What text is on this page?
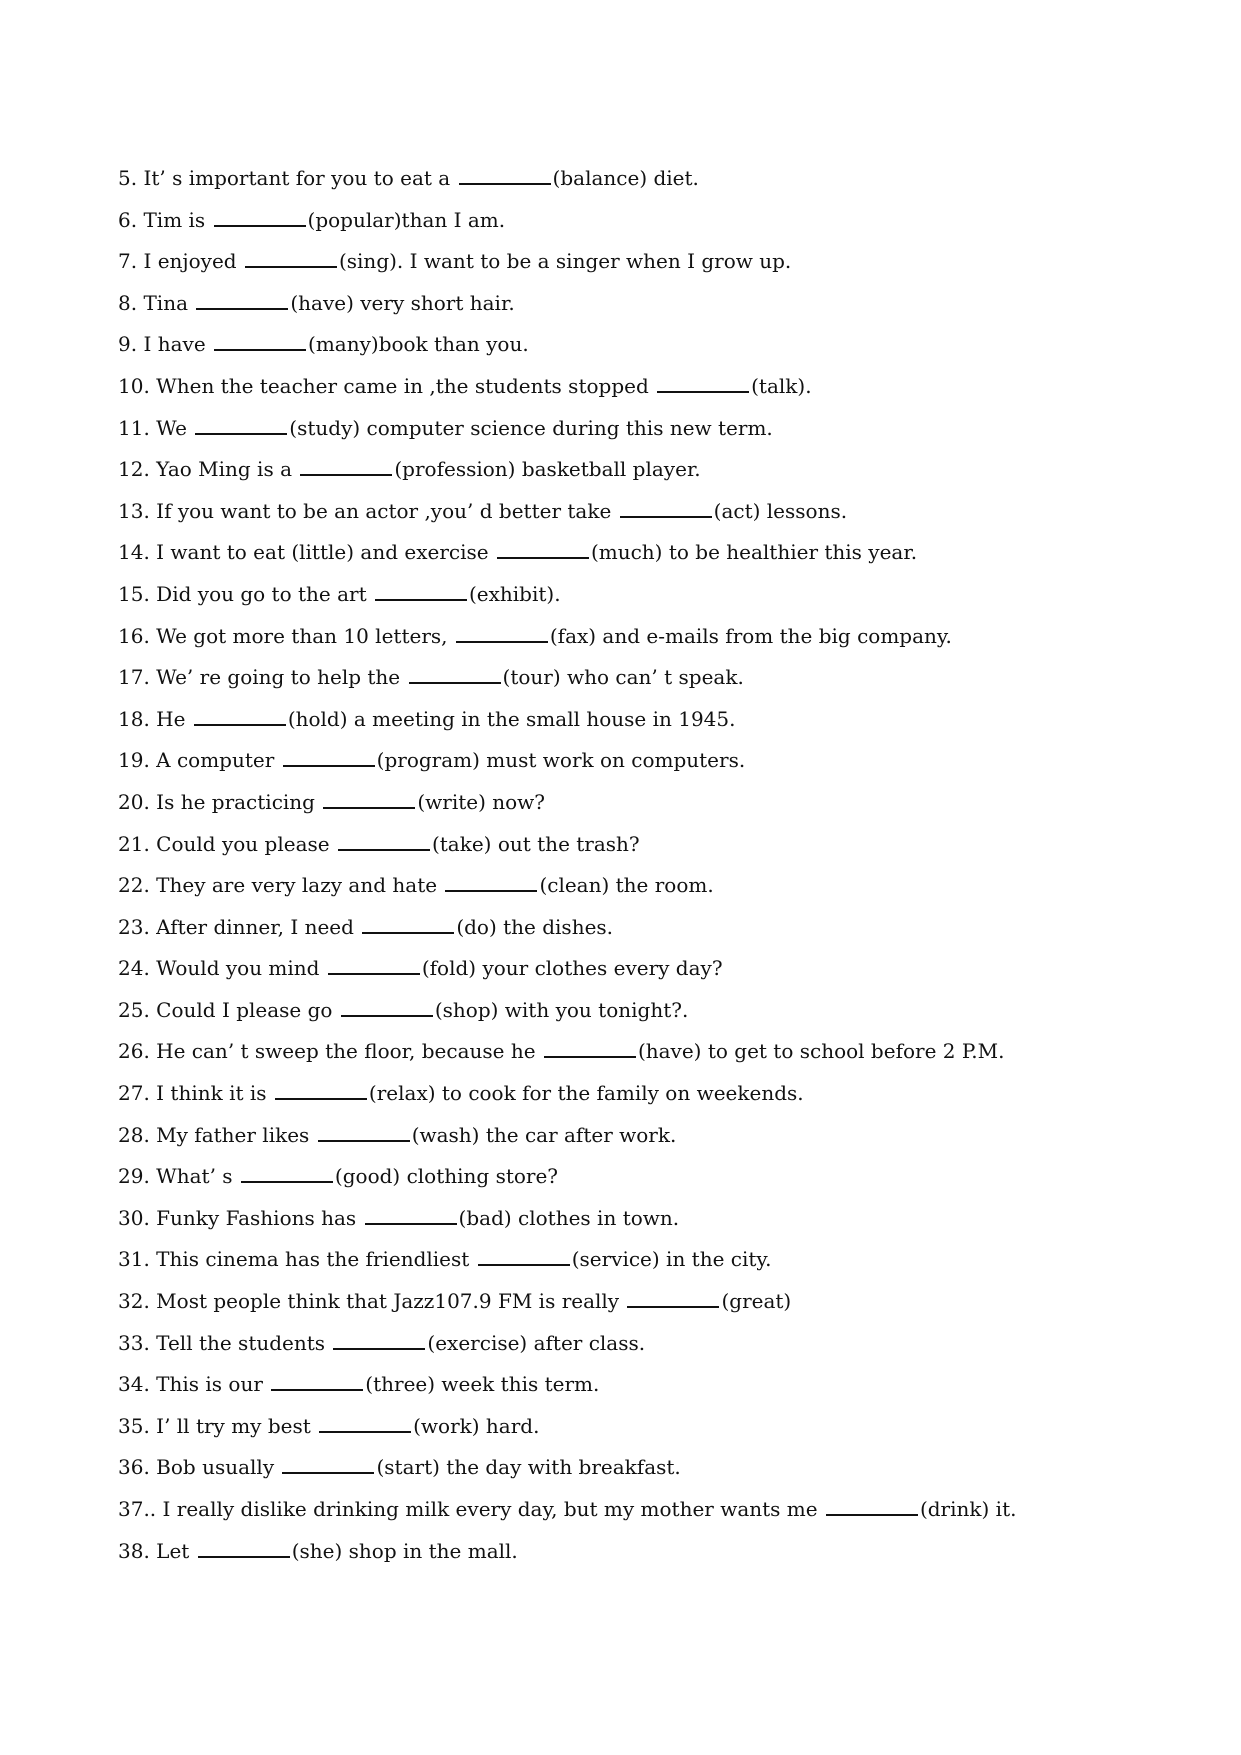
5. It’ s important for you to eat a	(balance) diet.
6. Tim is	(popular)than I am.
7. I enjoyed	(sing). I want to be a singer when I grow up.
8. Tina	(have) very short hair.
9. I have	(many)book than you.
10. When the teacher came in ,the students stopped	(talk).
11. We	(study) computer science during this new term.
12. Yao Ming is a	(profession) basketball player.
13. If you want to be an actor ,you’ d better take	(act) lessons.
14. I want to eat (little) and exercise	(much) to be healthier this year.
15. Did you go to the art	(exhibit).
16. We got more than 10 letters,	(fax) and e-mails from the big company.
17. We’ re going to help the	(tour) who can’ t speak.
18. He	(hold) a meeting in the small house in 1945.
19. A computer	(program) must work on computers.
20. Is he practicing	(write) now?
21. Could you please	(take) out the trash?
22. They are very lazy and hate	(clean) the room.
23. After dinner, I need	(do) the dishes.
24. Would you mind	(fold) your clothes every day?
25. Could I please go	(shop) with you tonight?.
26. He can’ t sweep the floor, because he	(have) to get to school before 2 P.M.
27. I think it is	(relax) to cook for the family on weekends.
28. My father likes	(wash) the car after work.
29. What’ s	(good) clothing store?
30. Funky Fashions has	(bad) clothes in town.
31. This cinema has the friendliest	(service) in the city.
32. Most people think that Jazz107.9 FM is really	(great)
33. Tell the students	(exercise) after class.
34. This is our	(three) week this term.
35. I’ ll try my best	(work) hard.
36. Bob usually	(start) the day with breakfast.
37.. I really dislike drinking milk every day, but my mother wants me	(drink) it.
38. Let	(she) shop in the mall.
